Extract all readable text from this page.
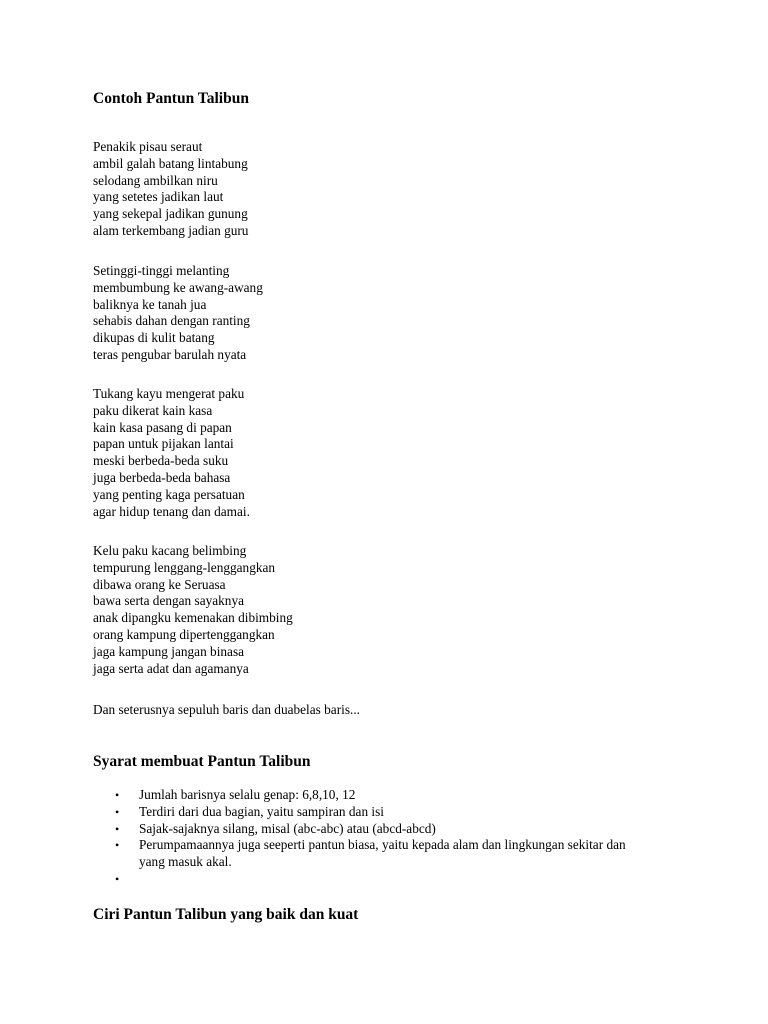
Contoh Pantun Talibun
Penakik pisau seraut
ambil galah batang lintabung
selodang ambilkan niru
yang setetes jadikan laut
yang sekepal jadikan gunung
alam terkembang jadian guru
Setinggi-tinggi melanting
membumbung ke awang-awang
baliknya ke tanah jua
sehabis dahan dengan ranting
dikupas di kulit batang
teras pengubar barulah nyata
Tukang kayu mengerat paku
paku dikerat kain kasa
kain kasa pasang di papan
papan untuk pijakan lantai
meski berbeda-beda suku
juga berbeda-beda bahasa
yang penting kaga persatuan
agar hidup tenang dan damai.
Kelu paku kacang belimbing
tempurung lenggang-lenggangkan
dibawa orang ke Seruasa
bawa serta dengan sayaknya
anak dipangku kemenakan dibimbing
orang kampung dipertenggangkan
jaga kampung jangan binasa
jaga serta adat dan agamanya

Dan seterusnya sepuluh baris dan duabelas baris...

Syarat membuat Pantun Talibun
• Jumlah barisnya selalu genap: 6,8,10, 12
• Terdiri dari dua bagian, yaitu sampiran dan isi
• Sajak-sajaknya silang, misal (abc-abc) atau (abcd-abcd)
• Perumpamaannya juga seeperti pantun biasa, yaitu kepada alam dan lingkungan sekitar dan yang masuk akal.
•
Ciri Pantun Talibun yang baik dan kuat
